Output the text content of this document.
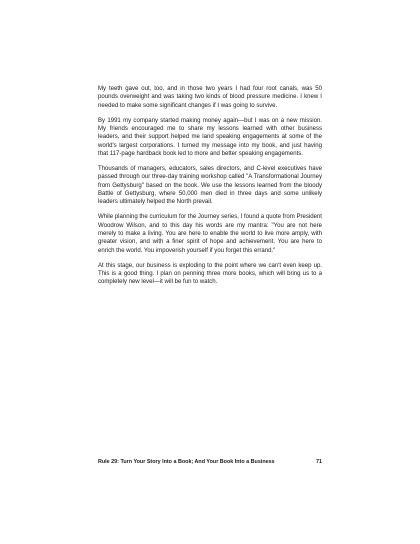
My teeth gave out, too, and in those two years I had four root canals, was 50 pounds overweight and was taking two kinds of blood pressure medicine. I knew I needed to make some significant changes if I was going to survive.

By 1991 my company started making money again—but I was on a new mission. My friends encouraged me to share my lessons learned with other business leaders, and their support helped me land speaking engagements at some of the world's largest corporations. I turned my message into my book, and just having that 117-page hardback book led to more and better speaking engagements.

Thousands of managers, educators, sales directors, and C-level executives have passed through our three-day training workshop called "A Transformational Journey from Gettysburg" based on the book. We use the lessons learned from the bloody Battle of Gettysburg, where 50,000 men died in three days and some unlikely leaders ultimately helped the North prevail.

While planning the curriculum for the Journey series, I found a quote from President Woodrow Wilson, and to this day his words are my mantra: "You are not here merely to make a living. You are here to enable the world to live more amply, with greater vision, and with a finer spirit of hope and achievement. You are here to enrich the world. You impoverish yourself if you forget this errand."

At this stage, our business is exploding to the point where we can't even keep up. This is a good thing. I plan on penning three more books, which will bring us to a completely new level—it will be fun to watch.

Rule 29: Turn Your Story Into a Book; And Your Book Into a Business	71
